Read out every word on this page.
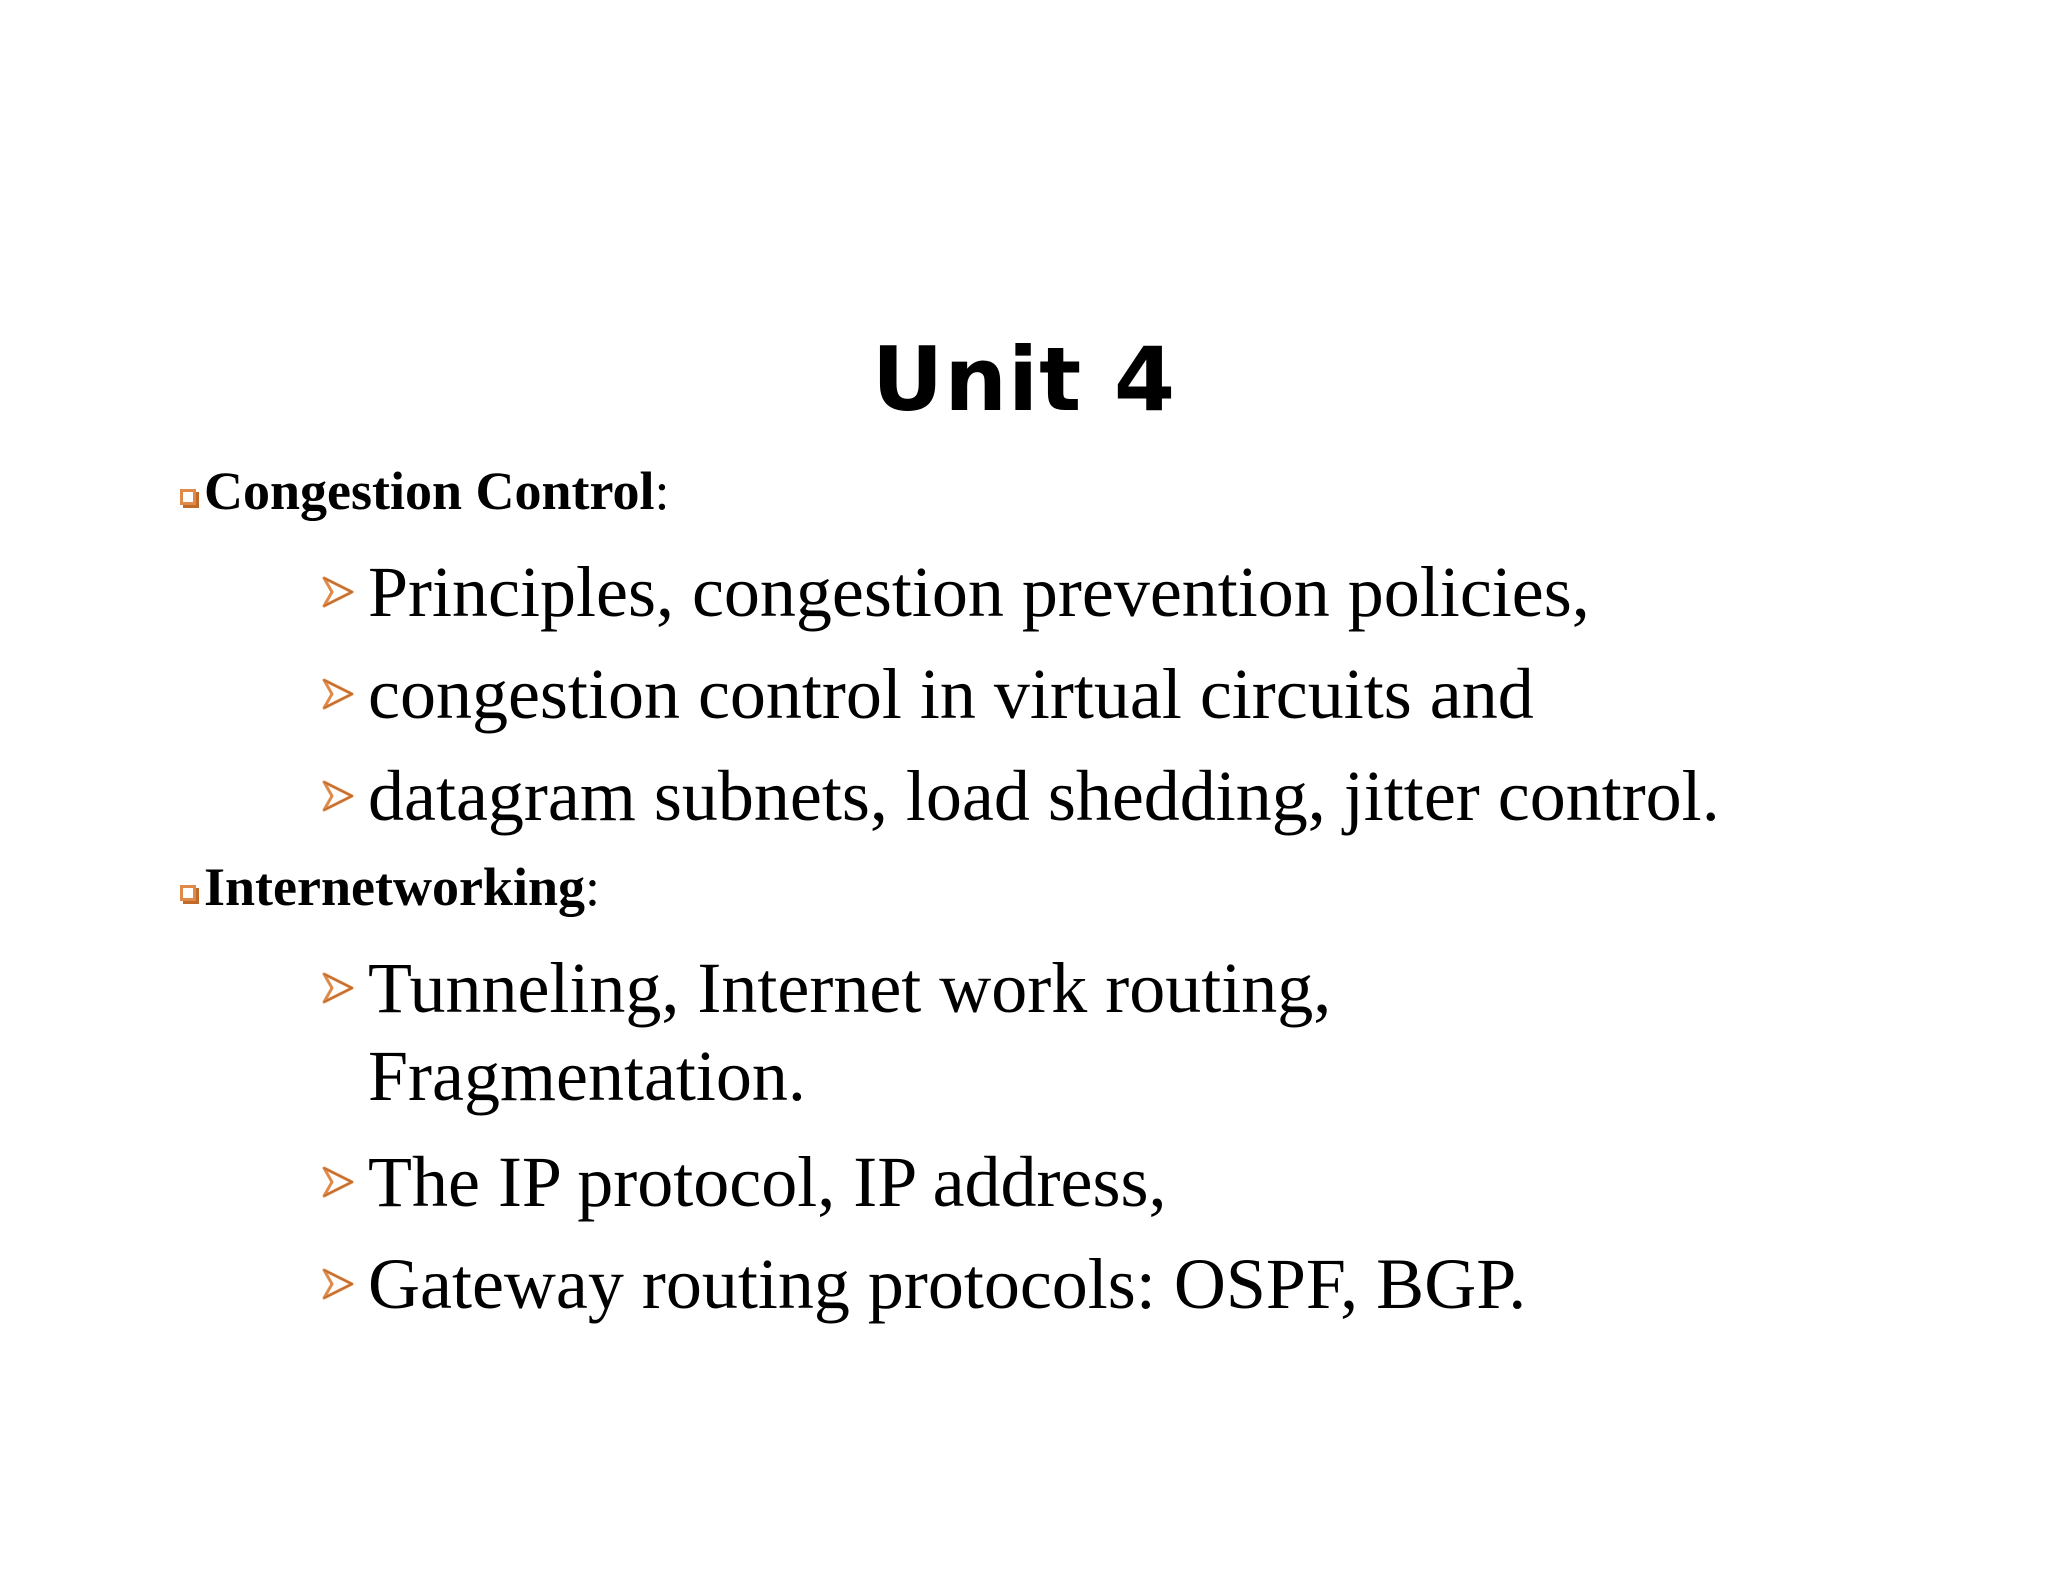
Unit 4
Congestion Control:
Principles, congestion prevention policies,
congestion control in virtual circuits and
datagram subnets, load shedding, jitter control.
Internetworking:
Tunneling, Internet work routing,
Fragmentation.
The IP protocol, IP address,
Gateway routing protocols: OSPF, BGP.
